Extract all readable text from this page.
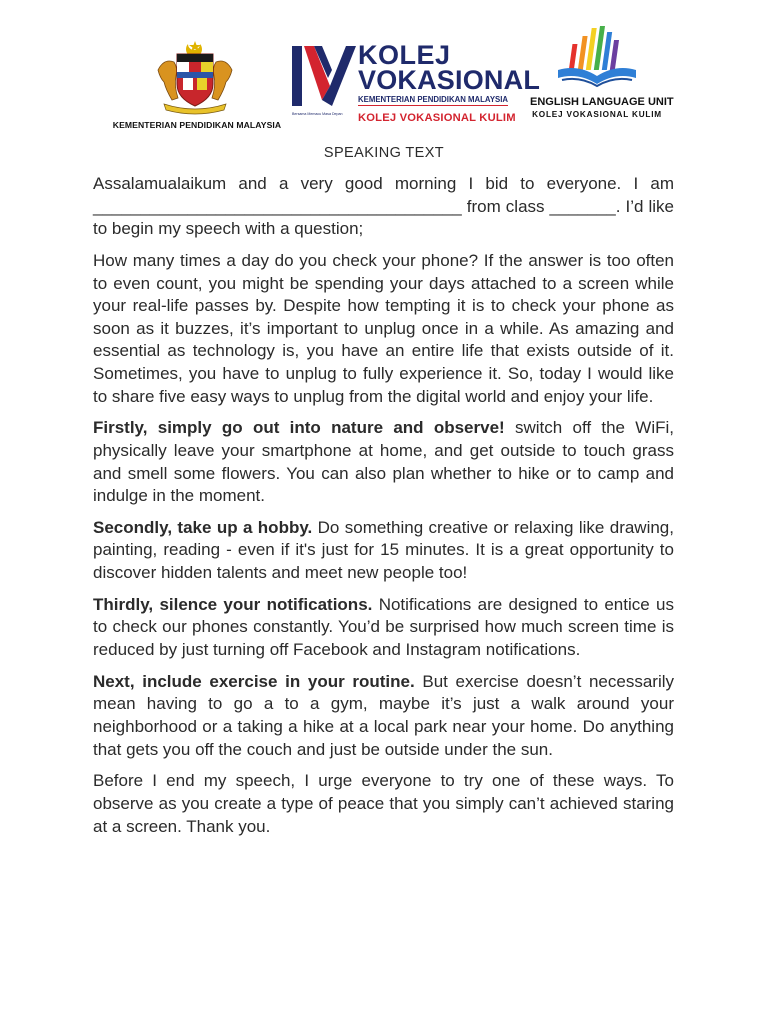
KEMENTERIAN PENDIDIKAN MALAYSIA
KOLEJ
VOKASIONAL
KEMENTERIAN PENDIDIKAN MALAYSIA
Bersama Memacu Masa Depan KOLEJ VOKASIONAL KULIM
ENGLISH LANGUAGE UNIT
KOLEJ VOKASIONAL KULIM
SPEAKING TEXT

Assalamualaikum and a very good morning I bid to everyone. I am _______________________________________ from class _______. I’d like to begin my speech with a question;

How many times a day do you check your phone? If the answer is too often to even count, you might be spending your days attached to a screen while your real-life passes by. Despite how tempting it is to check your phone as soon as it buzzes, it’s important to unplug once in a while. As amazing and essential as technology is, you have an entire life that exists outside of it. Sometimes, you have to unplug to fully experience it. So, today I would like to share five easy ways to unplug from the digital world and enjoy your life.

Firstly, simply go out into nature and observe! switch off the WiFi, physically leave your smartphone at home, and get outside to touch grass and smell some flowers. You can also plan whether to hike or to camp and indulge in the moment.

Secondly, take up a hobby. Do something creative or relaxing like drawing, painting, reading - even if it's just for 15 minutes. It is a great opportunity to discover hidden talents and meet new people too!

Thirdly, silence your notifications. Notifications are designed to entice us to check our phones constantly. You’d be surprised how much screen time is reduced by just turning off Facebook and Instagram notifications.

Next, include exercise in your routine. But exercise doesn’t necessarily mean having to go a to a gym, maybe it’s just a walk around your neighborhood or a taking a hike at a local park near your home. Do anything that gets you off the couch and just be outside under the sun.

Before I end my speech, I urge everyone to try one of these ways. To observe as you create a type of peace that you simply can’t achieved staring at a screen. Thank you.
